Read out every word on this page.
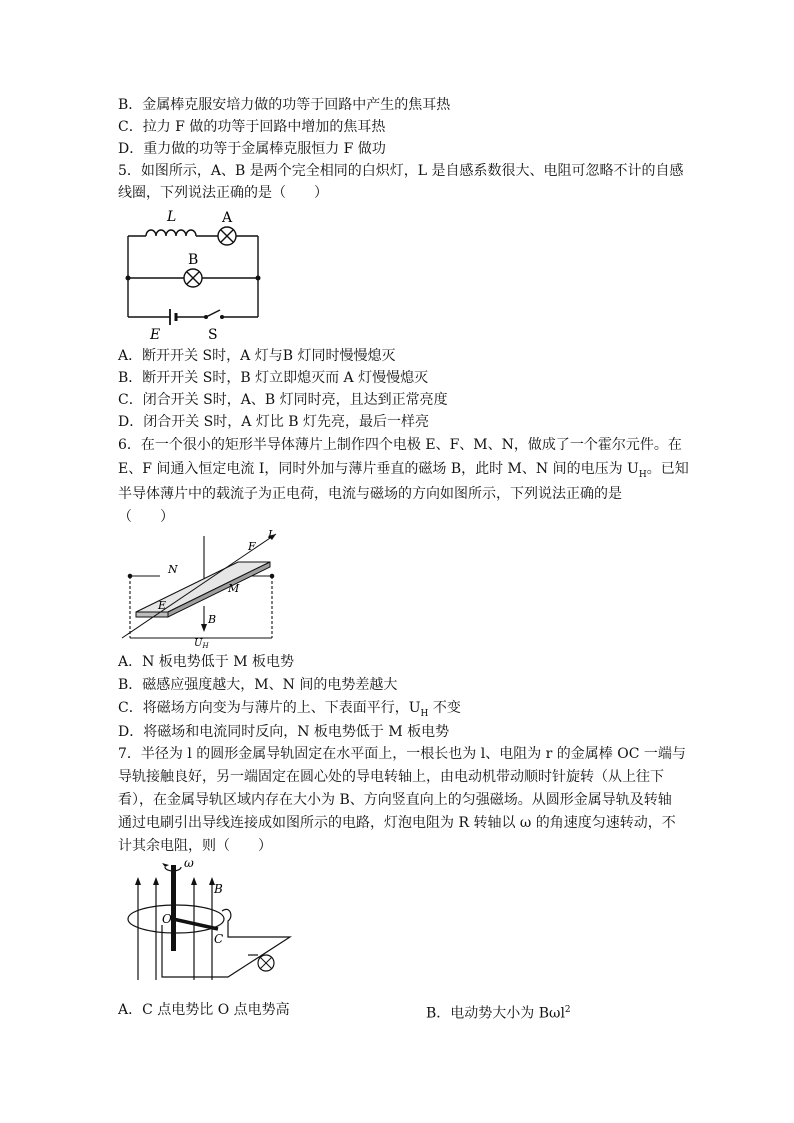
B．金属棒克服安培力做的功等于回路中产生的焦耳热
C．拉力 F 做的功等于回路中增加的焦耳热
D．重力做的功等于金属棒克服恒力 F 做功
5．如图所示，A、B 是两个完全相同的白炽灯，L 是自感系数很大、电阻可忽略不计的自感
线圈，下列说法正确的是（　　）
L	A
B
E	S
A．断开开关 S时，A 灯与B 灯同时慢慢熄灭
B．断开开关 S时，B 灯立即熄灭而 A 灯慢慢熄灭
C．闭合开关 S时，A、B 灯同时亮，且达到正常亮度
D．闭合开关 S时，A 灯比 B 灯先亮，最后一样亮
6．在一个很小的矩形半导体薄片上制作四个电极 E、F、M、N，做成了一个霍尔元件。在
E、F 间通入恒定电流 I，同时外加与薄片垂直的磁场 B，此时 M、N 间的电压为 $U_H$。已知
半导体薄片中的载流子为正电荷，电流与磁场的方向如图所示，下列说法正确的是
（　　）
N
M
E
F
I
B
$U_H$
A．N 板电势低于 M 板电势
B．磁感应强度越大，M、N 间的电势差越大
C．将磁场方向变为与薄片的上、下表面平行，$U_H$ 不变
D．将磁场和电流同时反向，N 板电势低于 M 板电势
7．半径为 l 的圆形金属导轨固定在水平面上，一根长也为 l、电阻为 r 的金属棒 OC 一端与
导轨接触良好，另一端固定在圆心处的导电转轴上，由电动机带动顺时针旋转（从上往下
看），在金属导轨区域内存在大小为 B、方向竖直向上的匀强磁场。从圆形金属导轨及转轴
通过电刷引出导线连接成如图所示的电路，灯泡电阻为 R 转轴以 ω 的角速度匀速转动，不
计其余电阻，则（　　）
ω
B
O
C
A．C 点电势比 O 点电势高	B．电动势大小为 Bωl$^2$
